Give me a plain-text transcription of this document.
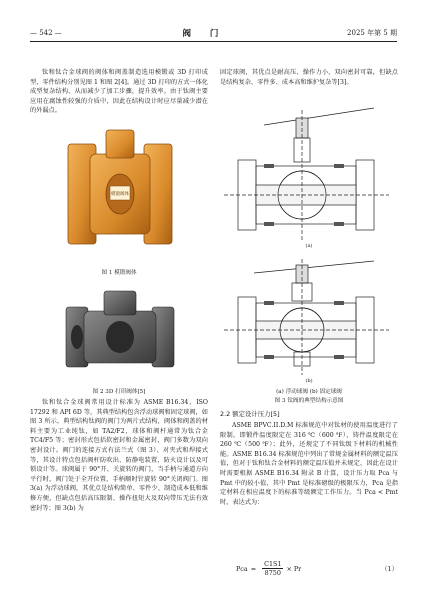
— 542 —	阀 门	2025 年第 5 期

钛和钛合金球阀的阀体和阀盖制造选用模锻或 3D 打印成型，零件结构分别见图 1 和图 2[4]。通过 3D 打印的方式一体化成型复杂结构，从而减少了加工步骤，提升效率。由于钛阀主要应用在腐蚀性较强的介质中，因此在结构设计时应尽量减少潜在的外漏点。

模锻阀体
图 1 模锻阀体
图 2 3D 打印阀体[5]

钛和钛合金球阀常用设计标准为 ASME B16.34、ISO 17292 和 API 6D 等，其典型结构包含浮动球阀和固定球阀，如图 3 所示。典型结构钛阀的阀门为两片式结构，阀体和阀盖的材料主要为工业纯钛，如 TA2/F2，球体和阀杆通常为钛合金 TC4/F5 等；密封形式包括软密封和金属密封，阀门多数为双向密封设计。阀门的连接方式有法兰式（图 3）、对夹式和焊接式等，其设计特点包括阀杆防吹出、防静电装置、防火设计以及可锁设计等。球阀属于 90°开、关旋转的阀门，当手柄与通道方向平行时，阀门处于全开位置，手柄顺时针旋转 90°关闭阀门。图 3(a) 为浮动球阀，其优点是结构简单、零件少、制造成本低和维修方便，但缺点包括高压限制、操作扭矩大及双向带压无法有效密封等；图 3(b) 为

固定球阀，其优点是耐高压、操作力小、双向密封可靠，但缺点是结构复杂、零件多、成本高和维护复杂等[3]。

(a)
(b)
(a) 浮动球阀 (b) 固定球阀
图 3 钛阀的典型结构示意图
2.2 额定设计压力[5]

ASME BPVC.II.D.M 标准规范中对钛材的使用温度进行了限制，即锻件温度限定在 316 ℃（600 ℉），铸件温度限定在 260 ℃（500 ℉）；此外，还规定了不同钛级下材料的机械性能。ASME B16.34 标准规范中列出了常规金属材料的额定温压值，但对于钛和钛合金材料的额定温压值并未规定，因此在设计时需要根据 ASME B16.34 附录 B 计算，设计压力取 Pca 与 Pmt 中的较小值，其中 Pmt 是标准磅级的极限压力，Pca 是指定材料在相应温度下的标准等级额定工作压力。当 Pca < Pmt 时，表达式为：

Pca = $\frac{C1S1}{8750} \times Pr$	（1）
